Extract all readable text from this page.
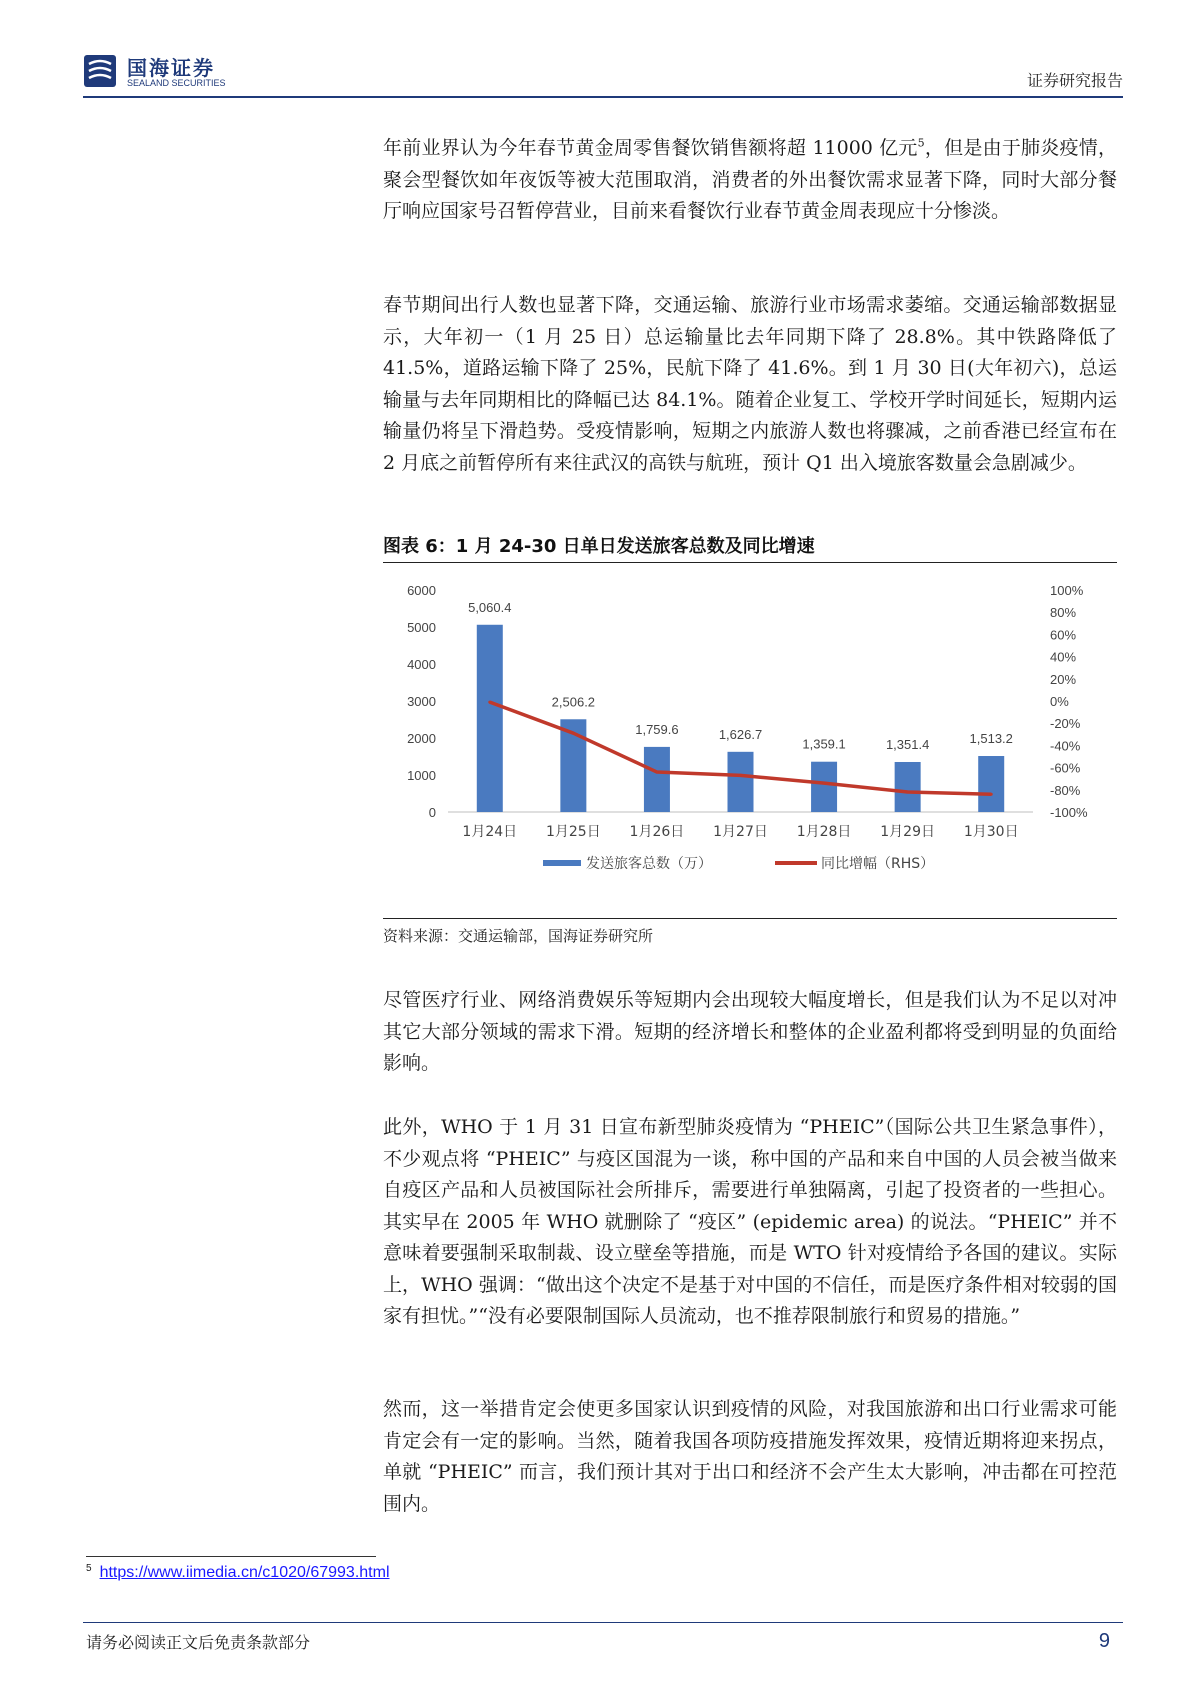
国海证券
SEALAND SECURITIES	证券研究报告

年前业界认为今年春节黄金周零售餐饮销售额将超 11000 亿元$^5$，但是由于肺炎疫情，聚会型餐饮如年夜饭等被大范围取消，消费者的外出餐饮需求显著下降，同时大部分餐厅响应国家号召暂停营业，目前来看餐饮行业春节黄金周表现应十分惨淡。

春节期间出行人数也显著下降，交通运输、旅游行业市场需求萎缩。交通运输部数据显示，大年初一（1 月 25 日）总运输量比去年同期下降了 28.8%。其中铁路降低了 41.5%，道路运输下降了 25%，民航下降了 41.6%。到 1 月 30 日(大年初六)，总运输量与去年同期相比的降幅已达 84.1%。随着企业复工、学校开学时间延长，短期内运输量仍将呈下滑趋势。受疫情影响，短期之内旅游人数也将骤减，之前香港已经宣布在 2 月底之前暂停所有来往武汉的高铁与航班，预计 Q1 出入境旅客数量会急剧减少。

图表 6：1 月 24-30 日单日发送旅客总数及同比增速
0
1000
2000
3000
4000
5000
6000
-100%
-80%
-60%
-40%
-20%
0%
20%
40%
60%
80%
100%
5,060.4
2,506.2
1,759.6	1,626.7
1,359.1	1,351.4	1,513.2
1月24日 1月25日 1月26日 1月27日 1月28日 1月29日 1月30日
发送旅客总数（万）	同比增幅（RHS）
资料来源：交通运输部，国海证券研究所

尽管医疗行业、网络消费娱乐等短期内会出现较大幅度增长，但是我们认为不足以对冲其它大部分领域的需求下滑。短期的经济增长和整体的企业盈利都将受到明显的负面给影响。

此外，WHO 于 1 月 31 日宣布新型肺炎疫情为 “PHEIC”（国际公共卫生紧急事件），不少观点将 “PHEIC” 与疫区国混为一谈，称中国的产品和来自中国的人员会被当做来自疫区产品和人员被国际社会所排斥，需要进行单独隔离，引起了投资者的一些担心。其实早在 2005 年 WHO 就删除了 “疫区” (epidemic area) 的说法。“PHEIC” 并不意味着要强制采取制裁、设立壁垒等措施，而是 WTO 针对疫情给予各国的建议。实际上，WHO 强调：“做出这个决定不是基于对中国的不信任，而是医疗条件相对较弱的国家有担忧。”“没有必要限制国际人员流动，也不推荐限制旅行和贸易的措施。”

然而，这一举措肯定会使更多国家认识到疫情的风险，对我国旅游和出口行业需求可能肯定会有一定的影响。当然，随着我国各项防疫措施发挥效果，疫情近期将迎来拐点，单就 “PHEIC” 而言，我们预计其对于出口和经济不会产生太大影响，冲击都在可控范围内。

$^5$ https://www.iimedia.cn/c1020/67993.html
请务必阅读正文后免责条款部分	9
